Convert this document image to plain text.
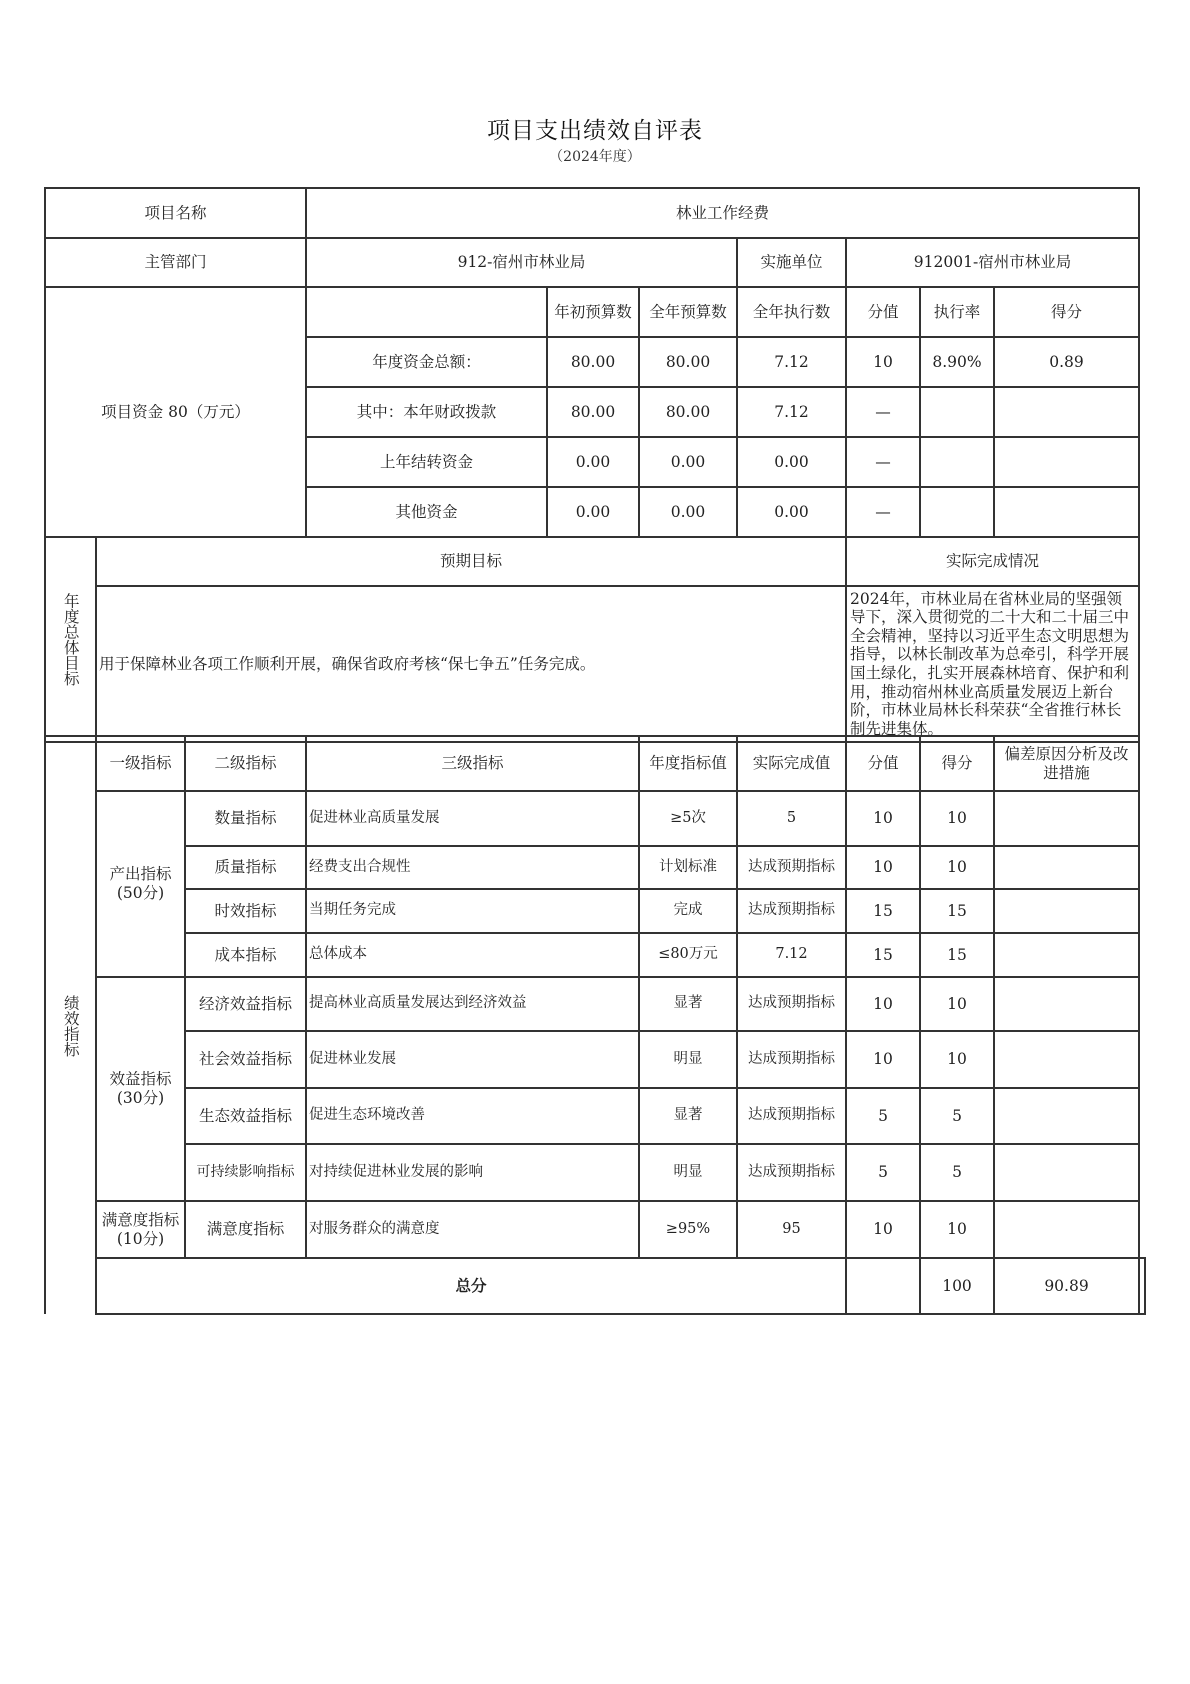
项目支出绩效自评表
（2024年度）
项目名称		林业工作经费						
主管部门		912-宿州市林业局			实施单位	912001-宿州市林业局		
项目资金 80（万元）			年初预算数	全年预算数	全年执行数	分值	执行率	得分
		年度资金总额：	80.00	80.00	7.12	10	8.90%	0.89
		其中：本年财政拨款	80.00	80.00	7.12	—		
		上年结转资金	0.00	0.00	0.00	—		
		其他资金	0.00	0.00	0.00	—		
年度总体目标	预期目标					实际完成情况		
	用于保障林业各项工作顺利开展，确保省政府考核“保七争五”任务完成。					2024年，市林业局在省林业局的坚强领导下，深入贯彻党的二十大和二十届三中全会精神，坚持以习近平生态文明思想为指导，以林长制改革为总牵引，科学开展国土绿化，扎实开展森林培育、保护和利用，推动宿州林业高质量发展迈上新台阶，市林业局林长科荣获“全省推行林长制先进集体。		
绩效指标	一级指标	二级指标	三级指标	年度指标值	实际完成值	分值	得分	偏差原因分析及改进措施	
	产出指标(50分)	数量指标	促进林业高质量发展	≥5次	5	10	10		
		质量指标	经费支出合规性	计划标准	达成预期指标	10	10		
		时效指标	当期任务完成	完成	达成预期指标	15	15		
		成本指标	总体成本	≤80万元	7.12	15	15		
	效益指标(30分)	经济效益指标	提高林业高质量发展达到经济效益	显著	达成预期指标	10	10		
		社会效益指标	促进林业发展	明显	达成预期指标	10	10		
		生态效益指标	促进生态环境改善	显著	达成预期指标	5	5		
		可持续影响指标	对持续促进林业发展的影响	明显	达成预期指标	5	5		
	满意度指标(10分)	满意度指标	对服务群众的满意度	≥95%	95	10	10		
	总分						100	90.89	
